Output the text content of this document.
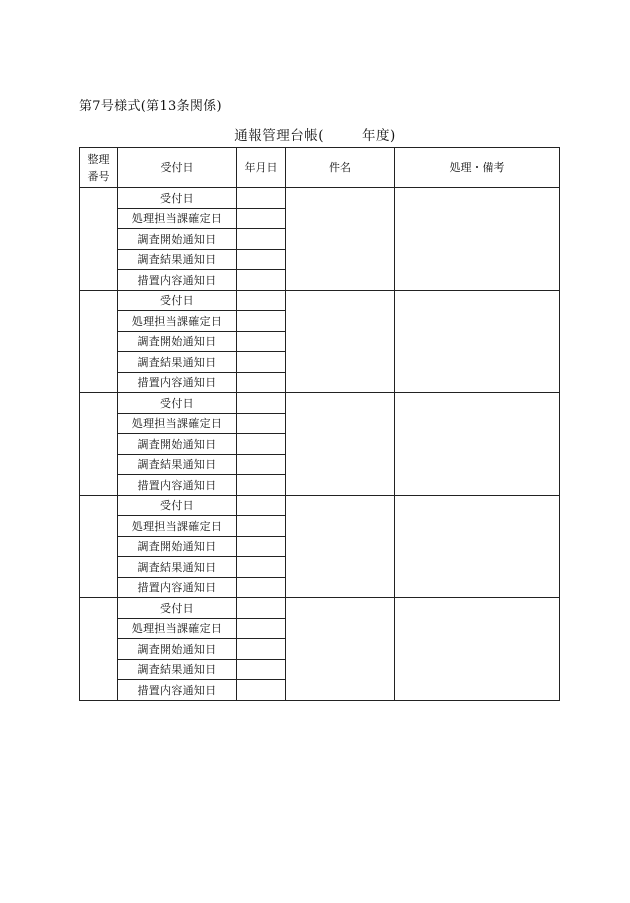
第7号様式(第13条関係)
通報管理台帳(	年度)
整理
番号	受付日	年月日	件名	処理・備考
	受付日			
	処理担当課確定日			
	調査開始通知日			
	調査結果通知日			
	措置内容通知日			
	受付日			
	処理担当課確定日			
	調査開始通知日			
	調査結果通知日			
	措置内容通知日			
	受付日			
	処理担当課確定日			
	調査開始通知日			
	調査結果通知日			
	措置内容通知日			
	受付日			
	処理担当課確定日			
	調査開始通知日			
	調査結果通知日			
	措置内容通知日			
	受付日			
	処理担当課確定日			
	調査開始通知日			
	調査結果通知日			
	措置内容通知日			
